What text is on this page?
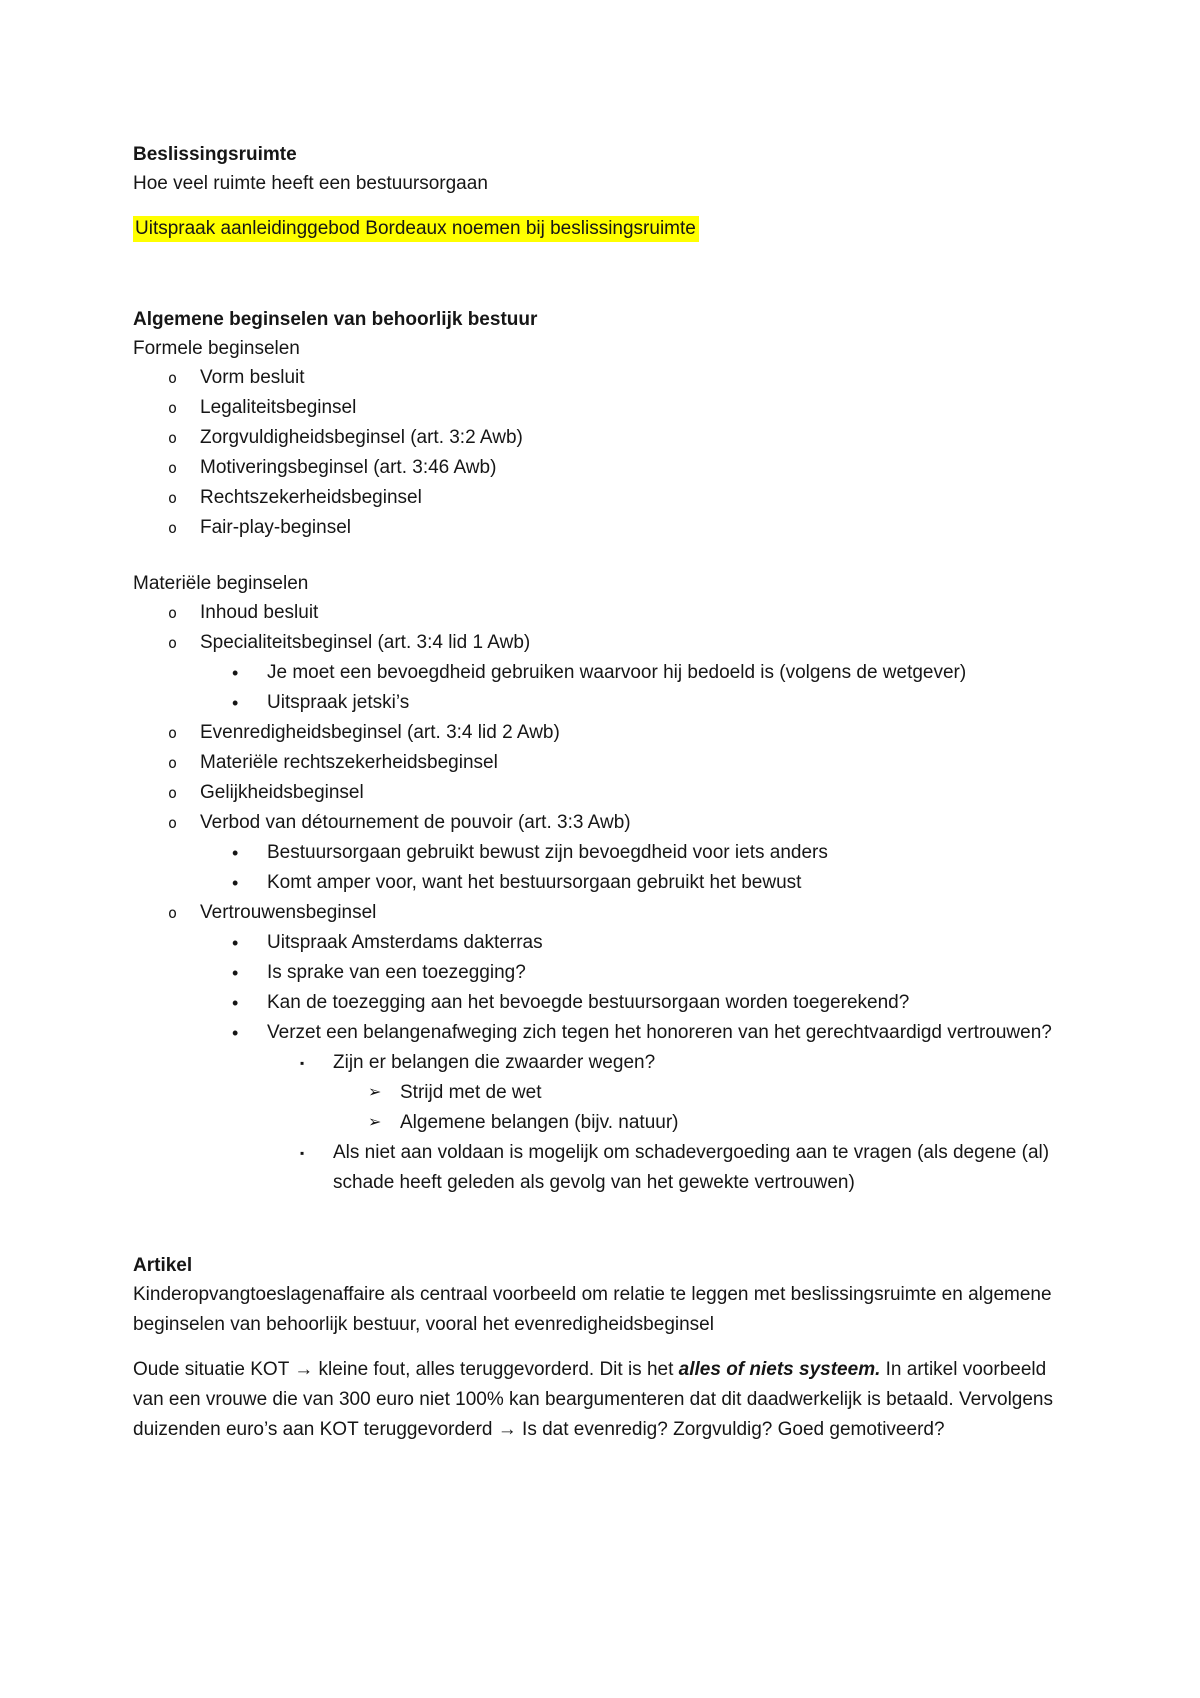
Beslissingsruimte

Hoe veel ruimte heeft een bestuursorgaan

Uitspraak aanleidinggebod Bordeaux noemen bij beslissingsruimte

Algemene beginselen van behoorlijk bestuur

Formele beginselen

o Vorm besluit
o Legaliteitsbeginsel
o Zorgvuldigheidsbeginsel (art. 3:2 Awb)
o Motiveringsbeginsel (art. 3:46 Awb)
o Rechtszekerheidsbeginsel
o Fair-play-beginsel

Materiële beginselen

o Inhoud besluit
o Specialiteitsbeginsel (art. 3:4 lid 1 Awb)
• Je moet een bevoegdheid gebruiken waarvoor hij bedoeld is (volgens de wetgever)
• Uitspraak jetski’s
o Evenredigheidsbeginsel (art. 3:4 lid 2 Awb)
o Materiële rechtszekerheidsbeginsel
o Gelijkheidsbeginsel
o Verbod van détournement de pouvoir (art. 3:3 Awb)
• Bestuursorgaan gebruikt bewust zijn bevoegdheid voor iets anders
• Komt amper voor, want het bestuursorgaan gebruikt het bewust
o Vertrouwensbeginsel
• Uitspraak Amsterdams dakterras
• Is sprake van een toezegging?
• Kan de toezegging aan het bevoegde bestuursorgaan worden toegerekend?
• Verzet een belangenafweging zich tegen het honoreren van het gerechtvaardigd vertrouwen?
▪ Zijn er belangen die zwaarder wegen?
➢ Strijd met de wet
➢ Algemene belangen (bijv. natuur)
▪ Als niet aan voldaan is mogelijk om schadevergoeding aan te vragen (als degene (al) schade heeft geleden als gevolg van het gewekte vertrouwen)

Artikel

Kinderopvangtoeslagenaffaire als centraal voorbeeld om relatie te leggen met beslissingsruimte en algemene beginselen van behoorlijk bestuur, vooral het evenredigheidsbeginsel

Oude situatie KOT → kleine fout, alles teruggevorderd. Dit is het alles of niets systeem. In artikel voorbeeld van een vrouwe die van 300 euro niet 100% kan beargumenteren dat dit daadwerkelijk is betaald. Vervolgens duizenden euro’s aan KOT teruggevorderd → Is dat evenredig? Zorgvuldig? Goed gemotiveerd?
